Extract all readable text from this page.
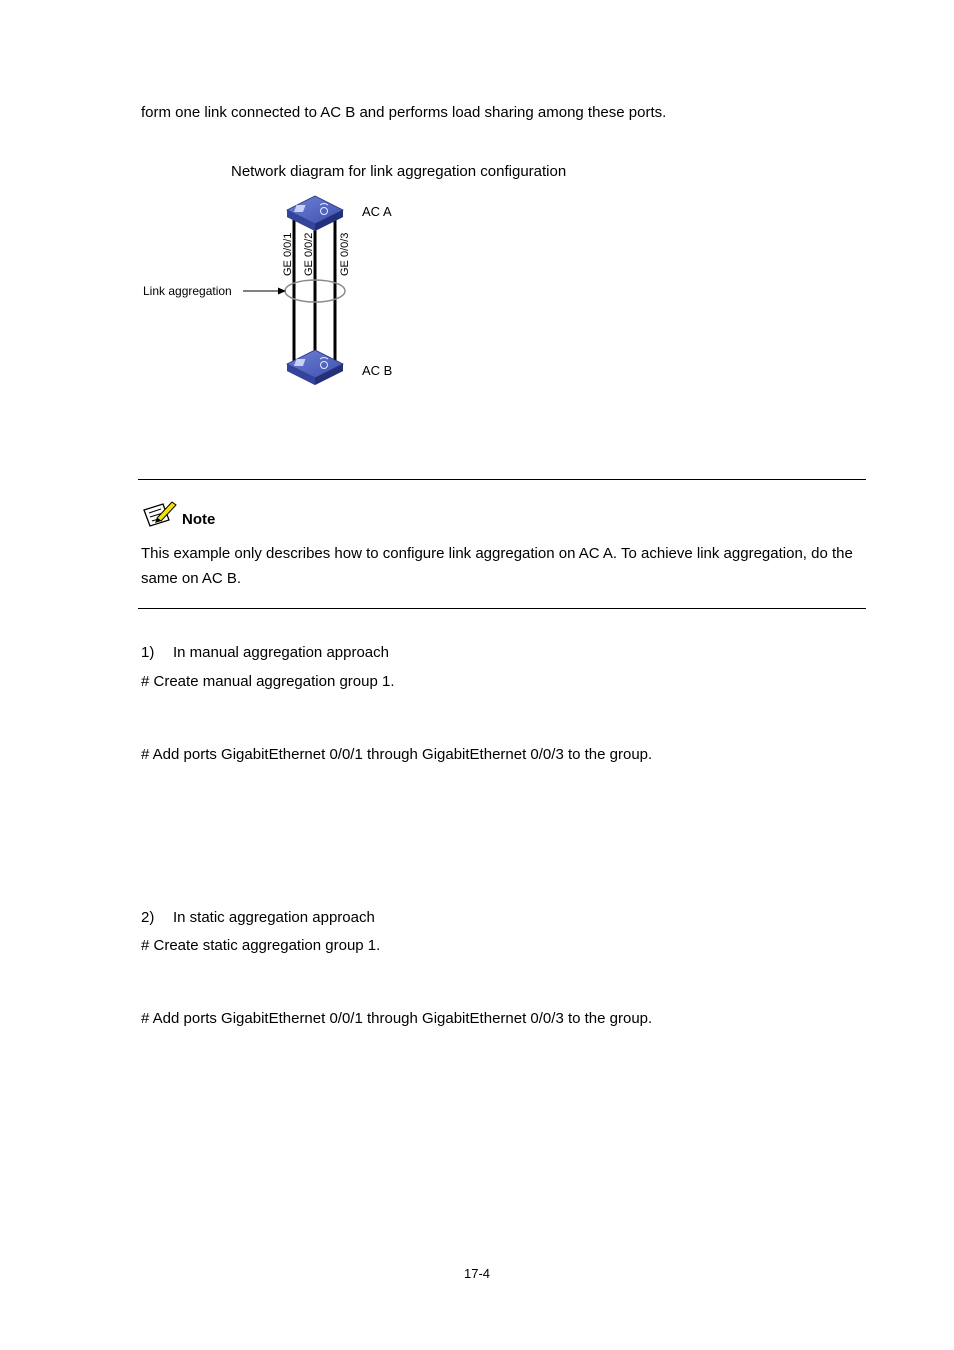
form one link connected to AC B and performs load sharing among these ports.
Network diagram for link aggregation configuration
AC A
AC B
GE 0/0/1 GE 0/0/2 GE 0/0/3
Link aggregation
Note
This example only describes how to configure link aggregation on AC A. To achieve link aggregation, do the same on AC B.
1) In manual aggregation approach
# Create manual aggregation group 1.
# Add ports GigabitEthernet 0/0/1 through GigabitEthernet 0/0/3 to the group.
2) In static aggregation approach
# Create static aggregation group 1.
# Add ports GigabitEthernet 0/0/1 through GigabitEthernet 0/0/3 to the group.
17-4
